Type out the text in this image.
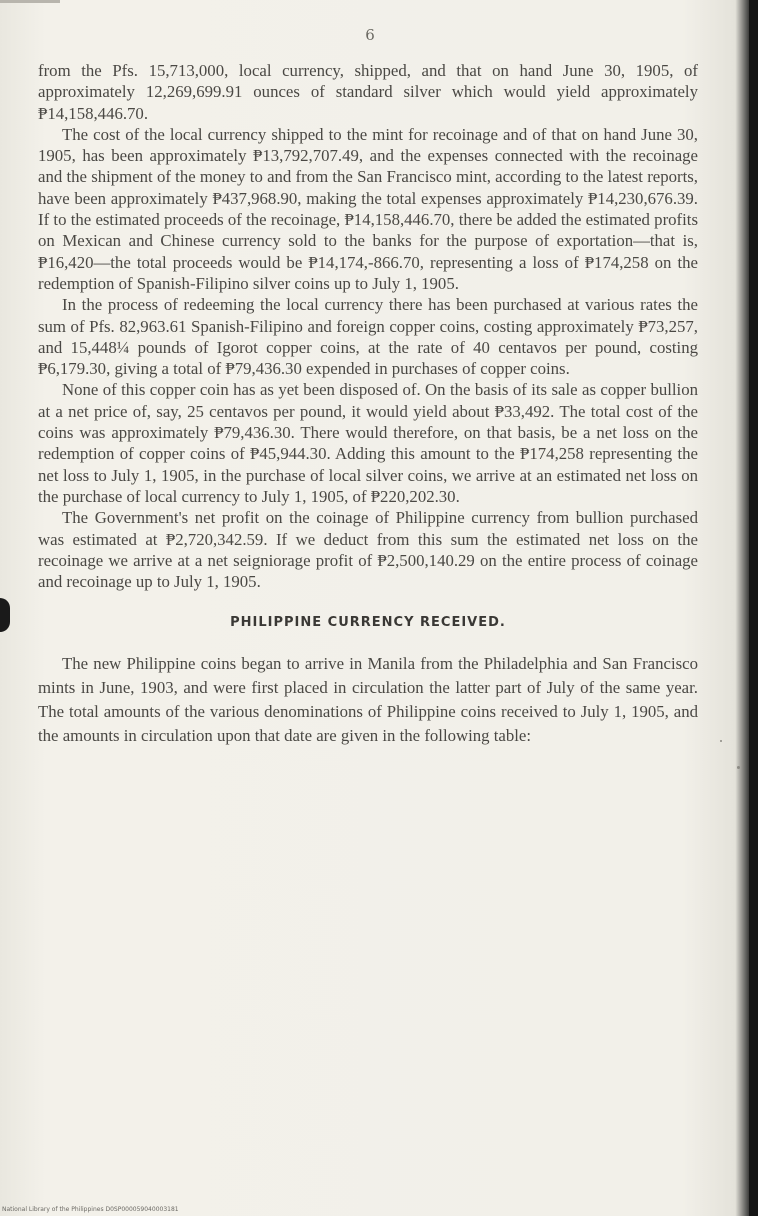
6

from the Pfs. 15,713,000, local currency, shipped, and that on hand June 30, 1905, of approximately 12,269,699.91 ounces of standard silver which would yield approximately ₱14,158,446.70.

The cost of the local currency shipped to the mint for recoinage and of that on hand June 30, 1905, has been approximately ₱13,792,707.49, and the expenses connected with the recoinage and the shipment of the money to and from the San Francisco mint, according to the latest reports, have been approximately ₱437,968.90, making the total expenses approximately ₱14,230,676.39. If to the estimated proceeds of the recoinage, ₱14,158,446.70, there be added the estimated profits on Mexican and Chinese currency sold to the banks for the purpose of exportation—that is, ₱16,420—the total proceeds would be ₱14,174,-866.70, representing a loss of ₱174,258 on the redemption of Spanish-Filipino silver coins up to July 1, 1905.

In the process of redeeming the local currency there has been purchased at various rates the sum of Pfs. 82,963.61 Spanish-Filipino and foreign copper coins, costing approximately ₱73,257, and 15,448¼ pounds of Igorot copper coins, at the rate of 40 centavos per pound, costing ₱6,179.30, giving a total of ₱79,436.30 expended in purchases of copper coins.

None of this copper coin has as yet been disposed of. On the basis of its sale as copper bullion at a net price of, say, 25 centavos per pound, it would yield about ₱33,492. The total cost of the coins was approximately ₱79,436.30. There would therefore, on that basis, be a net loss on the redemption of copper coins of ₱45,944.30. Adding this amount to the ₱174,258 representing the net loss to July 1, 1905, in the purchase of local silver coins, we arrive at an estimated net loss on the purchase of local currency to July 1, 1905, of ₱220,202.30.

The Government's net profit on the coinage of Philippine currency from bullion purchased was estimated at ₱2,720,342.59. If we deduct from this sum the estimated net loss on the recoinage we arrive at a net seigniorage profit of ₱2,500,140.29 on the entire process of coinage and recoinage up to July 1, 1905.

PHILIPPINE CURRENCY RECEIVED.

The new Philippine coins began to arrive in Manila from the Philadelphia and San Francisco mints in June, 1903, and were first placed in circulation the latter part of July of the same year. The total amounts of the various denominations of Philippine coins received to July 1, 1905, and the amounts in circulation upon that date are given in the following table:

National Library of the Philippines D0SP000059040003181
